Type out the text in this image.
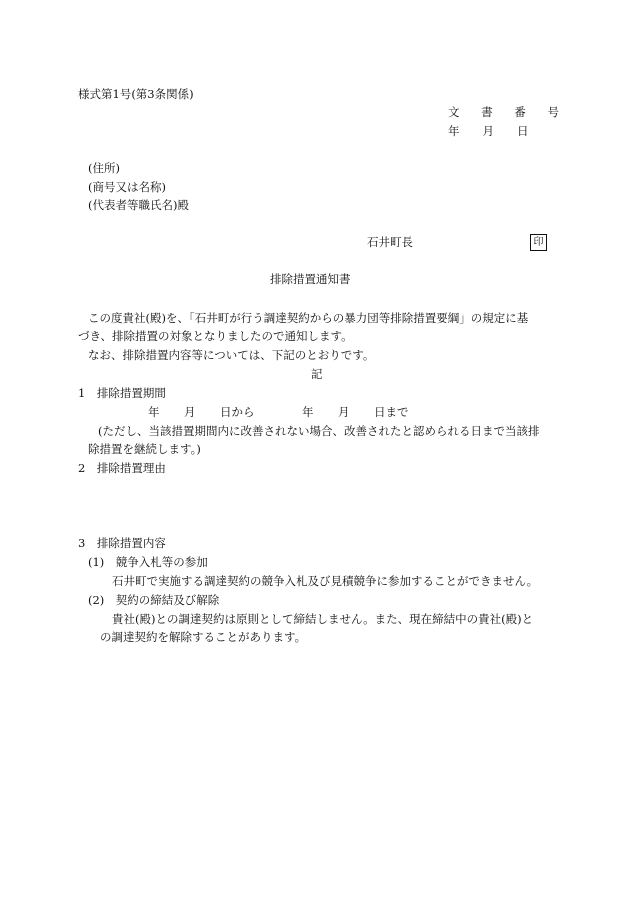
様式第1号(第3条関係)
文 書 番 号
年　　月　　日
(住所)
(商号又は名称)
(代表者等職氏名)殿
石井町長	印
排除措置通知書
この度貴社(殿)を、「石井町が行う調達契約からの暴力団等排除措置要綱」の規定に基
づき、排除措置の対象となりましたので通知します。
なお、排除措置内容等については、下記のとおりです。
記
1　排除措置期間
年 月 日から	年 月 日まで
(ただし、当該措置期間内に改善されない場合、改善されたと認められる日まで当該排
除措置を継続します。)
2　排除措置理由
3　排除措置内容
(1)　競争入札等の参加
石井町で実施する調達契約の競争入札及び見積競争に参加することができません。
(2)　契約の締結及び解除
貴社(殿)との調達契約は原則として締結しません。また、現在締結中の貴社(殿)と
の調達契約を解除することがあります。
